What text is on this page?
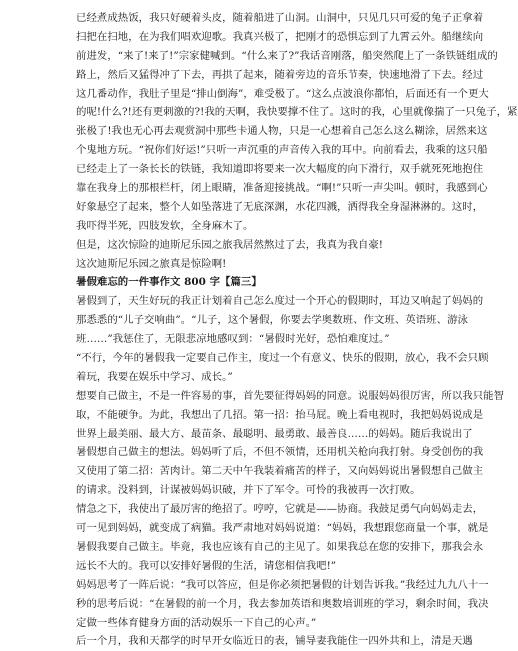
已经煮成热饭，我只好硬着头皮，随着船进了山洞。山洞中，只见几只可爱的兔子正拿着
扫把在扫地，在为我们唱欢迎歌。我真兴极了，把刚才的恐惧忘到了九霄云外。船继续向
前进发，“来了!来了!”宗家健喊到。“什么来了?”我话音刚落，船突然爬上了一条铁链组成的
路上，然后又猛得冲了下去，再拱了起来，随着旁边的音乐节奏，快速地滑了下去。经过
这几番动作，我肚子里是“排山倒海”，难受极了。“这么点波浪你都怕，后面还有一个更大
的呢!什么?!还有更刺激的?!我的天啊，我快要撑不住了。这时的我，心里就像揣了一只兔子，紧
张极了!我也无心再去观赏洞中那些卡通人物，只是一心想着自己怎么这么糊涂，居然来这
个鬼地方玩。“祝你们好运!”只听一声沉重的声音传入我的耳中。向前看去，我乘的这只船
已经走上了一条长长的铁链，我知道即将要来一次大幅度的向下滑行，双手就死死地抱住
靠在我身上的那根栏杆，闭上眼睛，准备迎接挑战。“啊!”只听一声尖叫。顿时，我感到心
好象悬空了起来，整个人如坠落进了无底深渊，水花四溅，洒得我全身湿淋淋的。这时，
我吓得半死，四肢发软，全身麻木了。
但是，这次惊险的迪斯尼乐园之旅我居然熬过了去，我真为我自豪!
这次迪斯尼乐园之旅真是惊险啊!
暑假难忘的一件事作文 800 字【篇三】
暑假到了，天生好玩的我正计划着自己怎么度过一个开心的假期时，耳边又响起了妈妈的
那悉悉的“儿子交响曲”。“儿子，这个暑假，你要去学奥数班、作文班、英语班、游泳
班……”我惩住了，无限悲凉地感叹到：“暑假时光好，恐怕难度过。”
“不行，今年的暑假我一定要自己作主，度过一个有意义、快乐的假期，放心，我不会只顾
着玩，我要在娱乐中学习、成长。”
想要自己做主，不是一件容易的事，首先要征得妈妈的同意。说服妈妈很厉害，所以我只能智
取，不能硬争。为此，我想出了几招。第一招：抬马屁。晚上看电视时，我把妈妈说成是
世界上最美丽、最大方、最苗条、最聪明、最勇敢、最善良……的妈妈。随后我说出了
暑假想自己做主的想法。妈妈听了后，不但不领情，还用机关枪向我打射。身受创伤的我
又使用了第二招：苦肉计。第二天中午我装着痛苦的样子，又向妈妈说出暑假想自己做主
的请求。没料到，计谋被妈妈识破，并下了军令。可怜的我被再一次打败。
情急之下，我使出了最厉害的绝招了。哼哼，它就是——协商。我鼓足勇气向妈妈走去，
可一见到妈妈，就变成了病猫。我严肃地对妈妈说道：“妈妈，我想跟您商量一个事，就是
暑假我要自己做主。毕竟，我也应该有自己的主见了。如果我总在您的安排下，那我会永
远长不大的。我可以安排好暑假的生活，请您相信我吧!”
妈妈思考了一阵后说：“我可以答应，但是你必须把暑假的计划告诉我。”我经过九九八十一
秒的思考后说：“在暑假的前一个月，我去参加英语和奥数培训班的学习，剩余时间，我决
定做一些体育健身方面的活动娱乐一下自己的心声。”
后一个月，我和天都学的时早开女临近日的表，铺导妻我能住一四外共和上，清是天遇
